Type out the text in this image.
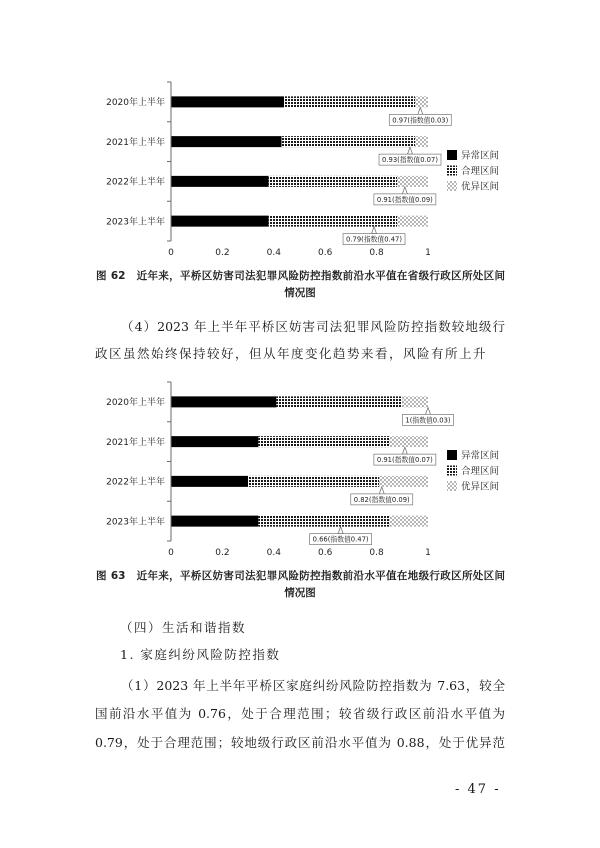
2020年上半年
2021年上半年
2022年上半年
2023年上半年
0	0.2	0.4	0.6	0.8	1
0.97(指数值0.03)
0.93(指数值0.07)
0.91(指数值0.09)
0.79(指数值0.47)
异常区间
合理区间
优异区间
图 62　近年来，平桥区妨害司法犯罪风险防控指数前沿水平值在省级行政区所处区间
情况图
（4）2023 年上半年平桥区妨害司法犯罪风险防控指数较地级行
政区虽然始终保持较好，但从年度变化趋势来看，风险有所上升
2020年上半年
2021年上半年
2022年上半年
2023年上半年
0	0.2	0.4	0.6	0.8	1
1(指数值0.03)
0.91(指数值0.07)
0.82(指数值0.09)
0.66(指数值0.47)
异常区间
合理区间
优异区间
图 63　近年来，平桥区妨害司法犯罪风险防控指数前沿水平值在地级行政区所处区间
情况图
（四）生活和谐指数
1. 家庭纠纷风险防控指数
（1）2023 年上半年平桥区家庭纠纷风险防控指数为 7.63，较全
国前沿水平值为 0.76，处于合理范围；较省级行政区前沿水平值为
0.79，处于合理范围；较地级行政区前沿水平值为 0.88，处于优异范
- 47 -
